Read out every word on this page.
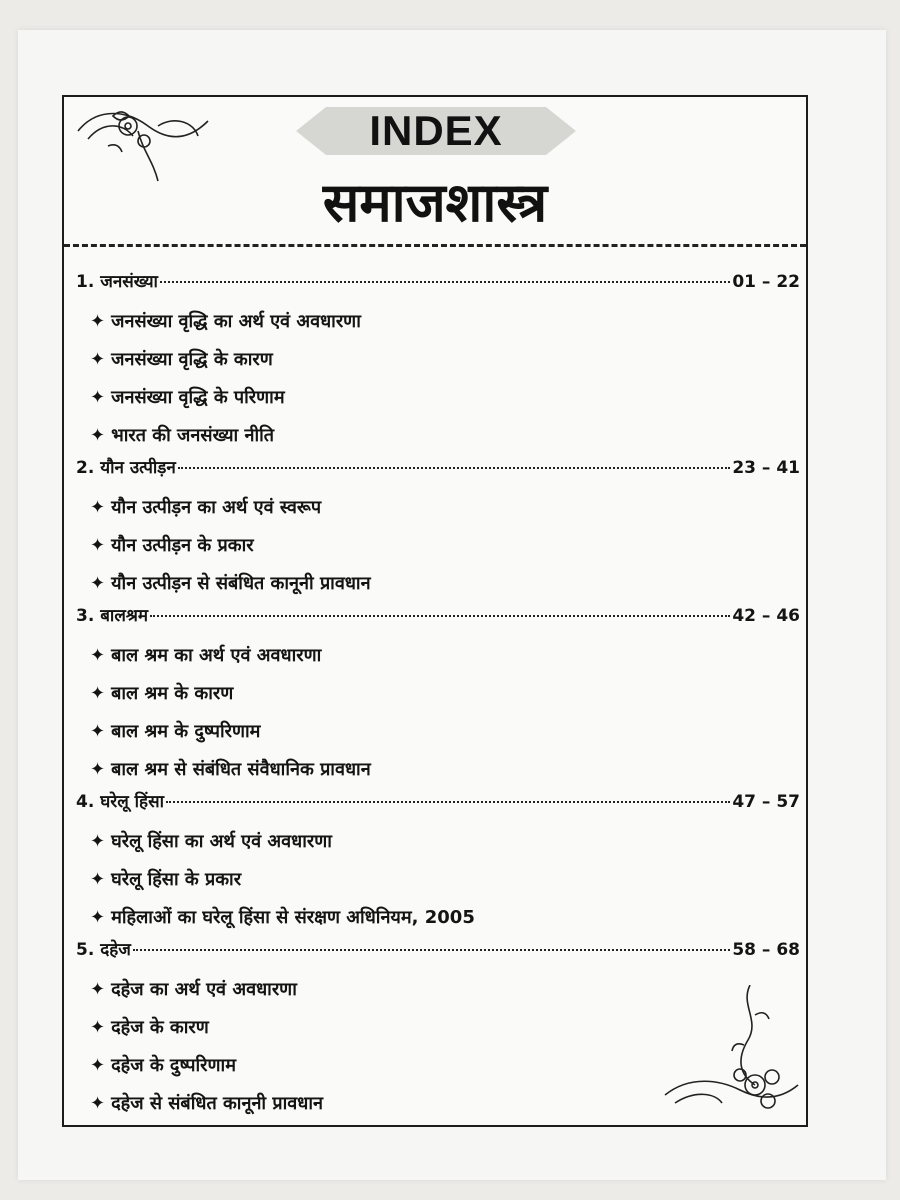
INDEX
समाजशास्त्र
1. जनसंख्या	01 – 22
✦ जनसंख्या वृद्धि का अर्थ एवं अवधारणा
✦ जनसंख्या वृद्धि के कारण
✦ जनसंख्या वृद्धि के परिणाम
✦ भारत की जनसंख्या नीति
2. यौन उत्पीड़न	23 – 41
✦ यौन उत्पीड़न का अर्थ एवं स्वरूप
✦ यौन उत्पीड़न के प्रकार
✦ यौन उत्पीड़न से संबंधित कानूनी प्रावधान
3. बालश्रम	42 – 46
✦ बाल श्रम का अर्थ एवं अवधारणा
✦ बाल श्रम के कारण
✦ बाल श्रम के दुष्परिणाम
✦ बाल श्रम से संबंधित संवैधानिक प्रावधान
4. घरेलू हिंसा	47 – 57
✦ घरेलू हिंसा का अर्थ एवं अवधारणा
✦ घरेलू हिंसा के प्रकार
✦ महिलाओं का घरेलू हिंसा से संरक्षण अधिनियम, 2005
5. दहेज	58 – 68
✦ दहेज का अर्थ एवं अवधारणा
✦ दहेज के कारण
✦ दहेज के दुष्परिणाम
✦ दहेज से संबंधित कानूनी प्रावधान
